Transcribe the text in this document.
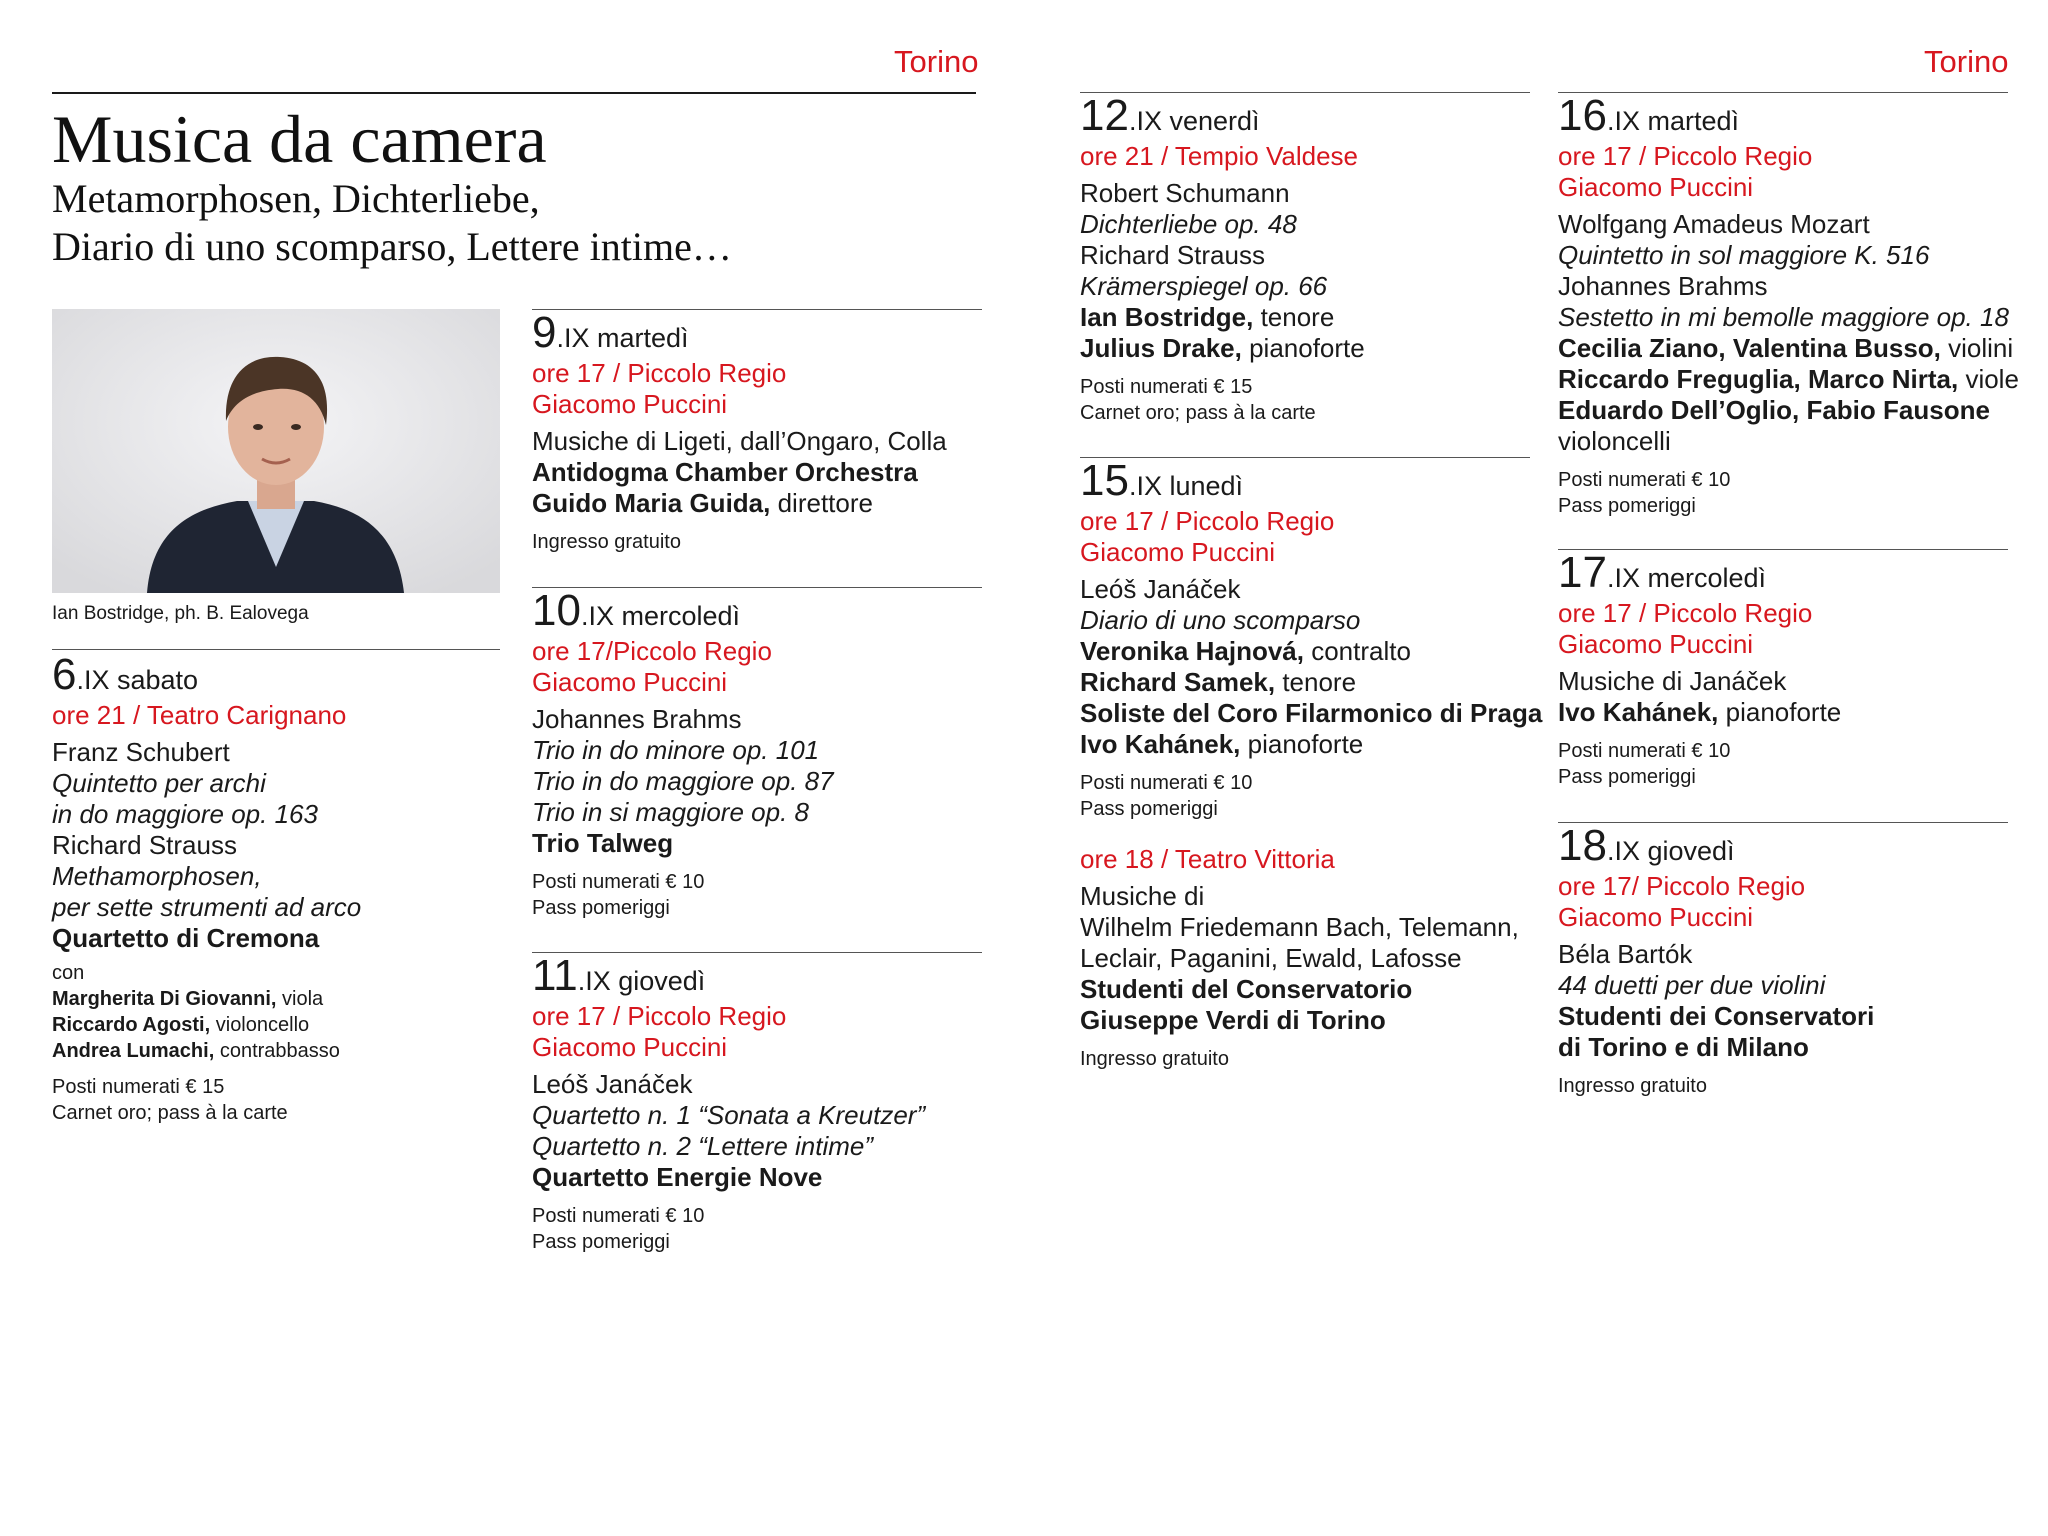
Torino	Torino
Musica da camera
Metamorphosen, Dichterliebe,
Diario di uno scomparso, Lettere intime…
Ian Bostridge, ph. B. Ealovega
6.IX sabato
ore 21 / Teatro Carignano
Franz Schubert
Quintetto per archi
in do maggiore op. 163
Richard Strauss
Methamorphosen,
per sette strumenti ad arco
Quartetto di Cremona
con
Margherita Di Giovanni, viola
Riccardo Agosti, violoncello
Andrea Lumachi, contrabbasso
Posti numerati € 15
Carnet oro; pass à la carte
9.IX martedì
ore 17 / Piccolo Regio
Giacomo Puccini
Musiche di Ligeti, dall’Ongaro, Colla
Antidogma Chamber Orchestra
Guido Maria Guida, direttore
Ingresso gratuito
10.IX mercoledì
ore 17/Piccolo Regio
Giacomo Puccini
Johannes Brahms
Trio in do minore op. 101
Trio in do maggiore op. 87
Trio in si maggiore op. 8
Trio Talweg
Posti numerati € 10
Pass pomeriggi
11.IX giovedì
ore 17 / Piccolo Regio
Giacomo Puccini
Leóš Janáček
Quartetto n. 1 “Sonata a Kreutzer”
Quartetto n. 2 “Lettere intime”
Quartetto Energie Nove
Posti numerati € 10
Pass pomeriggi
12.IX venerdì
ore 21 / Tempio Valdese
Robert Schumann
Dichterliebe op. 48
Richard Strauss
Krämerspiegel op. 66
Ian Bostridge, tenore
Julius Drake, pianoforte
Posti numerati € 15
Carnet oro; pass à la carte
15.IX lunedì
ore 17 / Piccolo Regio
Giacomo Puccini
Leóš Janáček
Diario di uno scomparso
Veronika Hajnová, contralto
Richard Samek, tenore
Soliste del Coro Filarmonico di Praga
Ivo Kahánek, pianoforte
Posti numerati € 10
Pass pomeriggi
ore 18 / Teatro Vittoria
Musiche di
Wilhelm Friedemann Bach, Telemann,
Leclair, Paganini, Ewald, Lafosse
Studenti del Conservatorio
Giuseppe Verdi di Torino
Ingresso gratuito
16.IX martedì
ore 17 / Piccolo Regio
Giacomo Puccini
Wolfgang Amadeus Mozart
Quintetto in sol maggiore K. 516
Johannes Brahms
Sestetto in mi bemolle maggiore op. 18
Cecilia Ziano, Valentina Busso, violini
Riccardo Freguglia, Marco Nirta, viole
Eduardo Dell’Oglio, Fabio Fausone
violoncelli
Posti numerati € 10
Pass pomeriggi
17.IX mercoledì
ore 17 / Piccolo Regio
Giacomo Puccini
Musiche di Janáček
Ivo Kahánek, pianoforte
Posti numerati € 10
Pass pomeriggi
18.IX giovedì
ore 17/ Piccolo Regio
Giacomo Puccini
Béla Bartók
44 duetti per due violini
Studenti dei Conservatori
di Torino e di Milano
Ingresso gratuito
